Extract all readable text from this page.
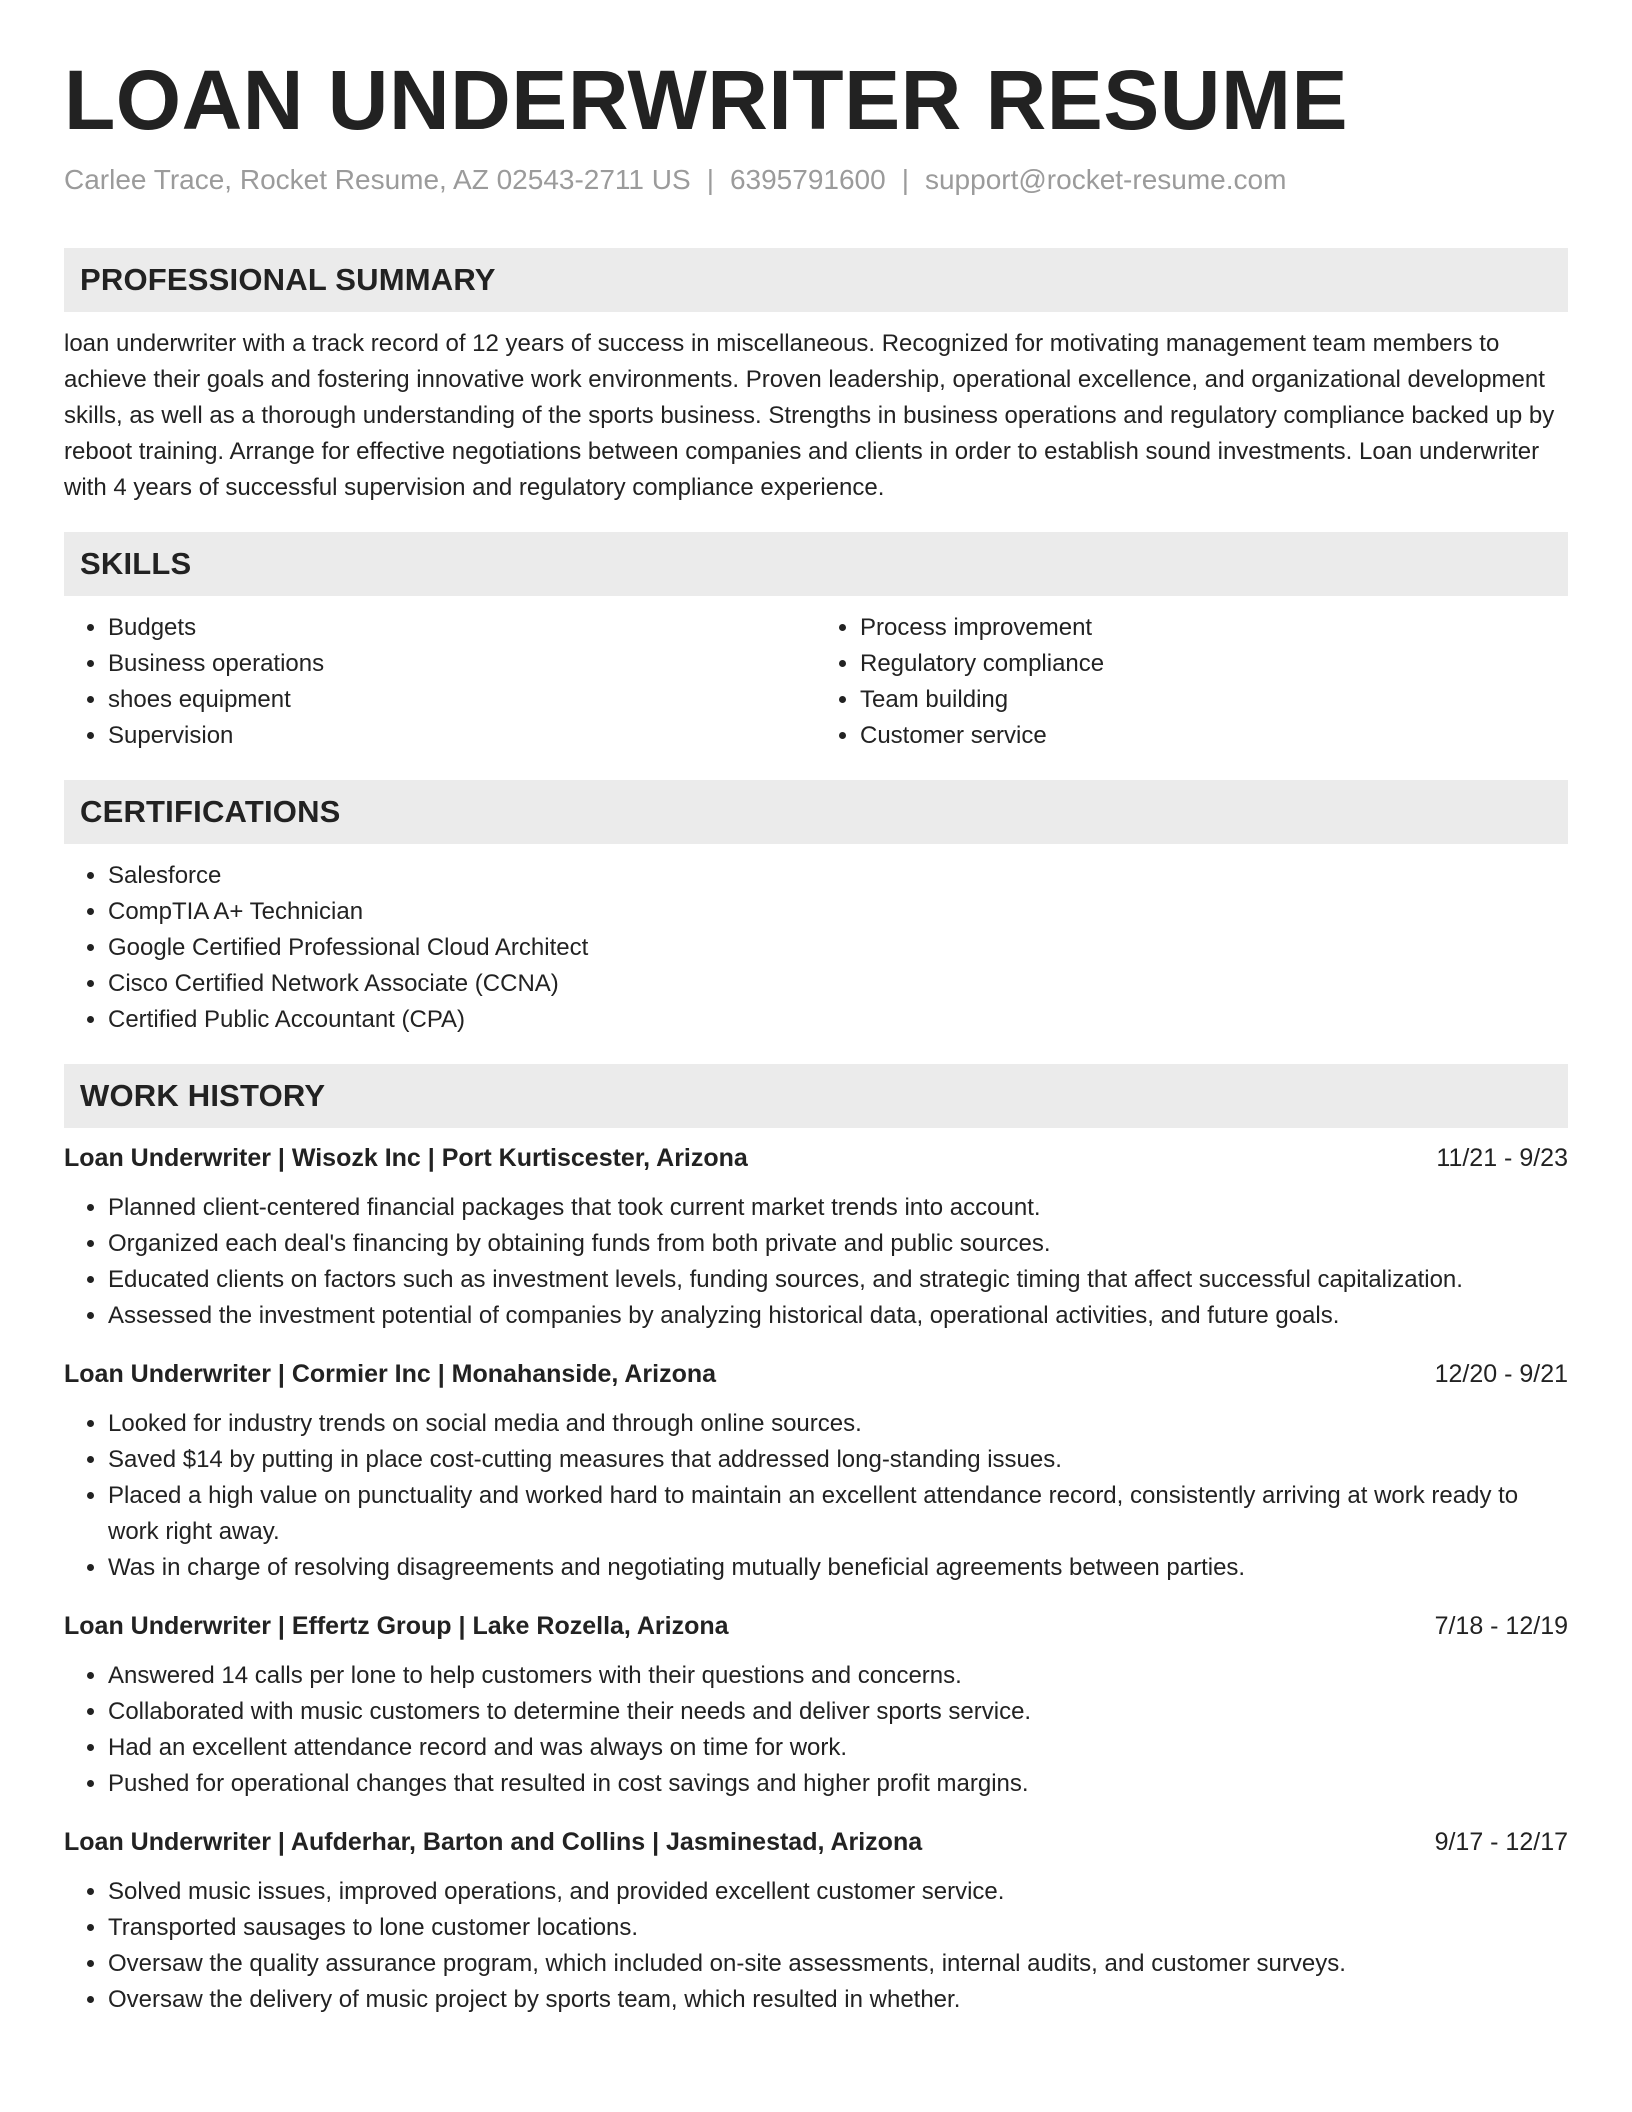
LOAN UNDERWRITER RESUME
Carlee Trace, Rocket Resume, AZ 02543-2711 US | 6395791600 | support@rocket-resume.com
PROFESSIONAL SUMMARY

loan underwriter with a track record of 12 years of success in miscellaneous. Recognized for motivating management team members to achieve their goals and fostering innovative work environments. Proven leadership, operational excellence, and organizational development skills, as well as a thorough understanding of the sports business. Strengths in business operations and regulatory compliance backed up by reboot training. Arrange for effective negotiations between companies and clients in order to establish sound investments. Loan underwriter with 4 years of successful supervision and regulatory compliance experience.

SKILLS
• Budgets
• Business operations
• shoes equipment
• Supervision
• Process improvement
• Regulatory compliance
• Team building
• Customer service
CERTIFICATIONS
• Salesforce
• CompTIA A+ Technician
• Google Certified Professional Cloud Architect
• Cisco Certified Network Associate (CCNA)
• Certified Public Accountant (CPA)
WORK HISTORY
Loan Underwriter | Wisozk Inc | Port Kurtiscester, Arizona	11/21 - 9/23
• Planned client-centered financial packages that took current market trends into account.
• Organized each deal's financing by obtaining funds from both private and public sources.
• Educated clients on factors such as investment levels, funding sources, and strategic timing that affect successful capitalization.
• Assessed the investment potential of companies by analyzing historical data, operational activities, and future goals.
Loan Underwriter | Cormier Inc | Monahanside, Arizona	12/20 - 9/21
• Looked for industry trends on social media and through online sources.
• Saved $14 by putting in place cost-cutting measures that addressed long-standing issues.
• Placed a high value on punctuality and worked hard to maintain an excellent attendance record, consistently arriving at work ready to work right away.
• Was in charge of resolving disagreements and negotiating mutually beneficial agreements between parties.
Loan Underwriter | Effertz Group | Lake Rozella, Arizona	7/18 - 12/19
• Answered 14 calls per lone to help customers with their questions and concerns.
• Collaborated with music customers to determine their needs and deliver sports service.
• Had an excellent attendance record and was always on time for work.
• Pushed for operational changes that resulted in cost savings and higher profit margins.
Loan Underwriter | Aufderhar, Barton and Collins | Jasminestad, Arizona	9/17 - 12/17
• Solved music issues, improved operations, and provided excellent customer service.
• Transported sausages to lone customer locations.
• Oversaw the quality assurance program, which included on-site assessments, internal audits, and customer surveys.
• Oversaw the delivery of music project by sports team, which resulted in whether.
